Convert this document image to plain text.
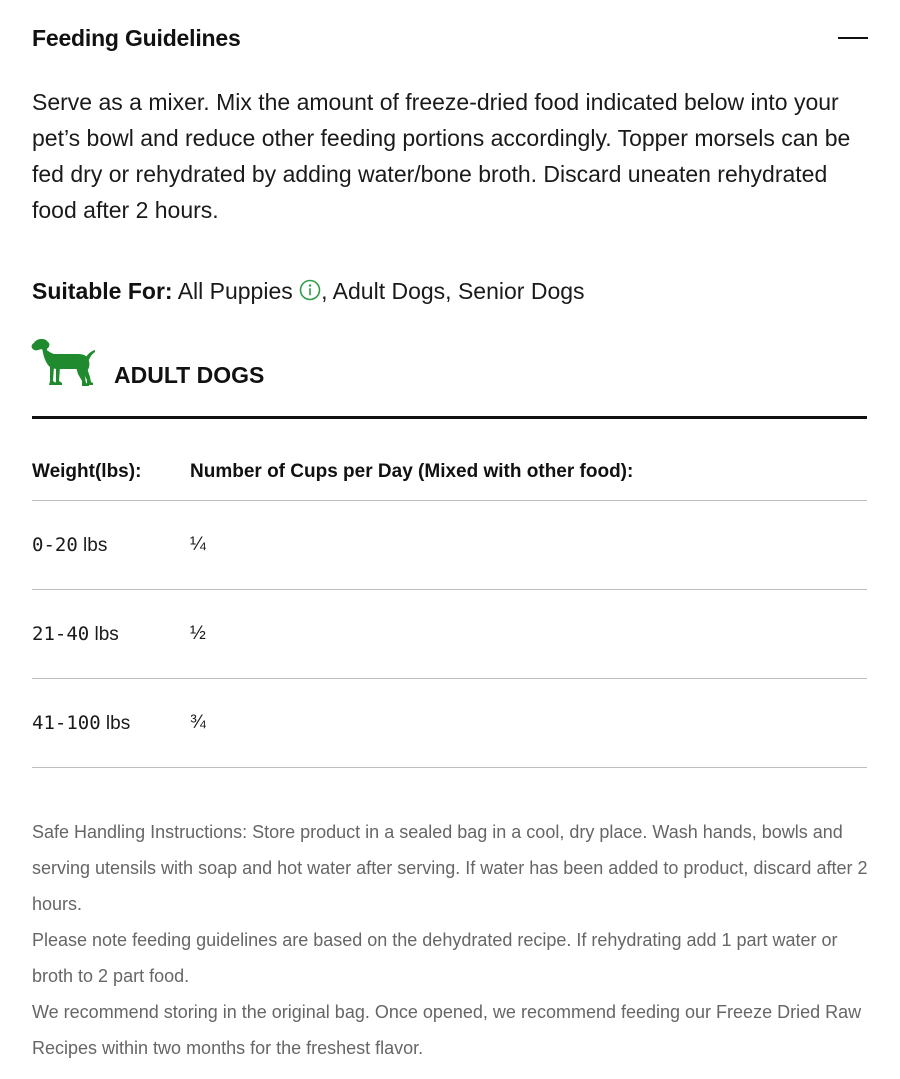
Feeding Guidelines

Serve as a mixer. Mix the amount of freeze-dried food indicated below into your pet’s bowl and reduce other feeding portions accordingly. Topper morsels can be fed dry or rehydrated by adding water/bone broth. Discard uneaten rehydrated food after 2 hours.

Suitable For: All Puppies , Adult Dogs, Senior Dogs
ADULT DOGS
Weight(lbs):	Number of Cups per Day (Mixed with other food):
0-20 lbs	¼
21-40 lbs	½
41-100 lbs	¾

Safe Handling Instructions: Store product in a sealed bag in a cool, dry place. Wash hands, bowls and serving utensils with soap and hot water after serving. If water has been added to product, discard after 2 hours.

Please note feeding guidelines are based on the dehydrated recipe. If rehydrating add 1 part water or broth to 2 part food.

We recommend storing in the original bag. Once opened, we recommend feeding our Freeze Dried Raw Recipes within two months for the freshest flavor.
